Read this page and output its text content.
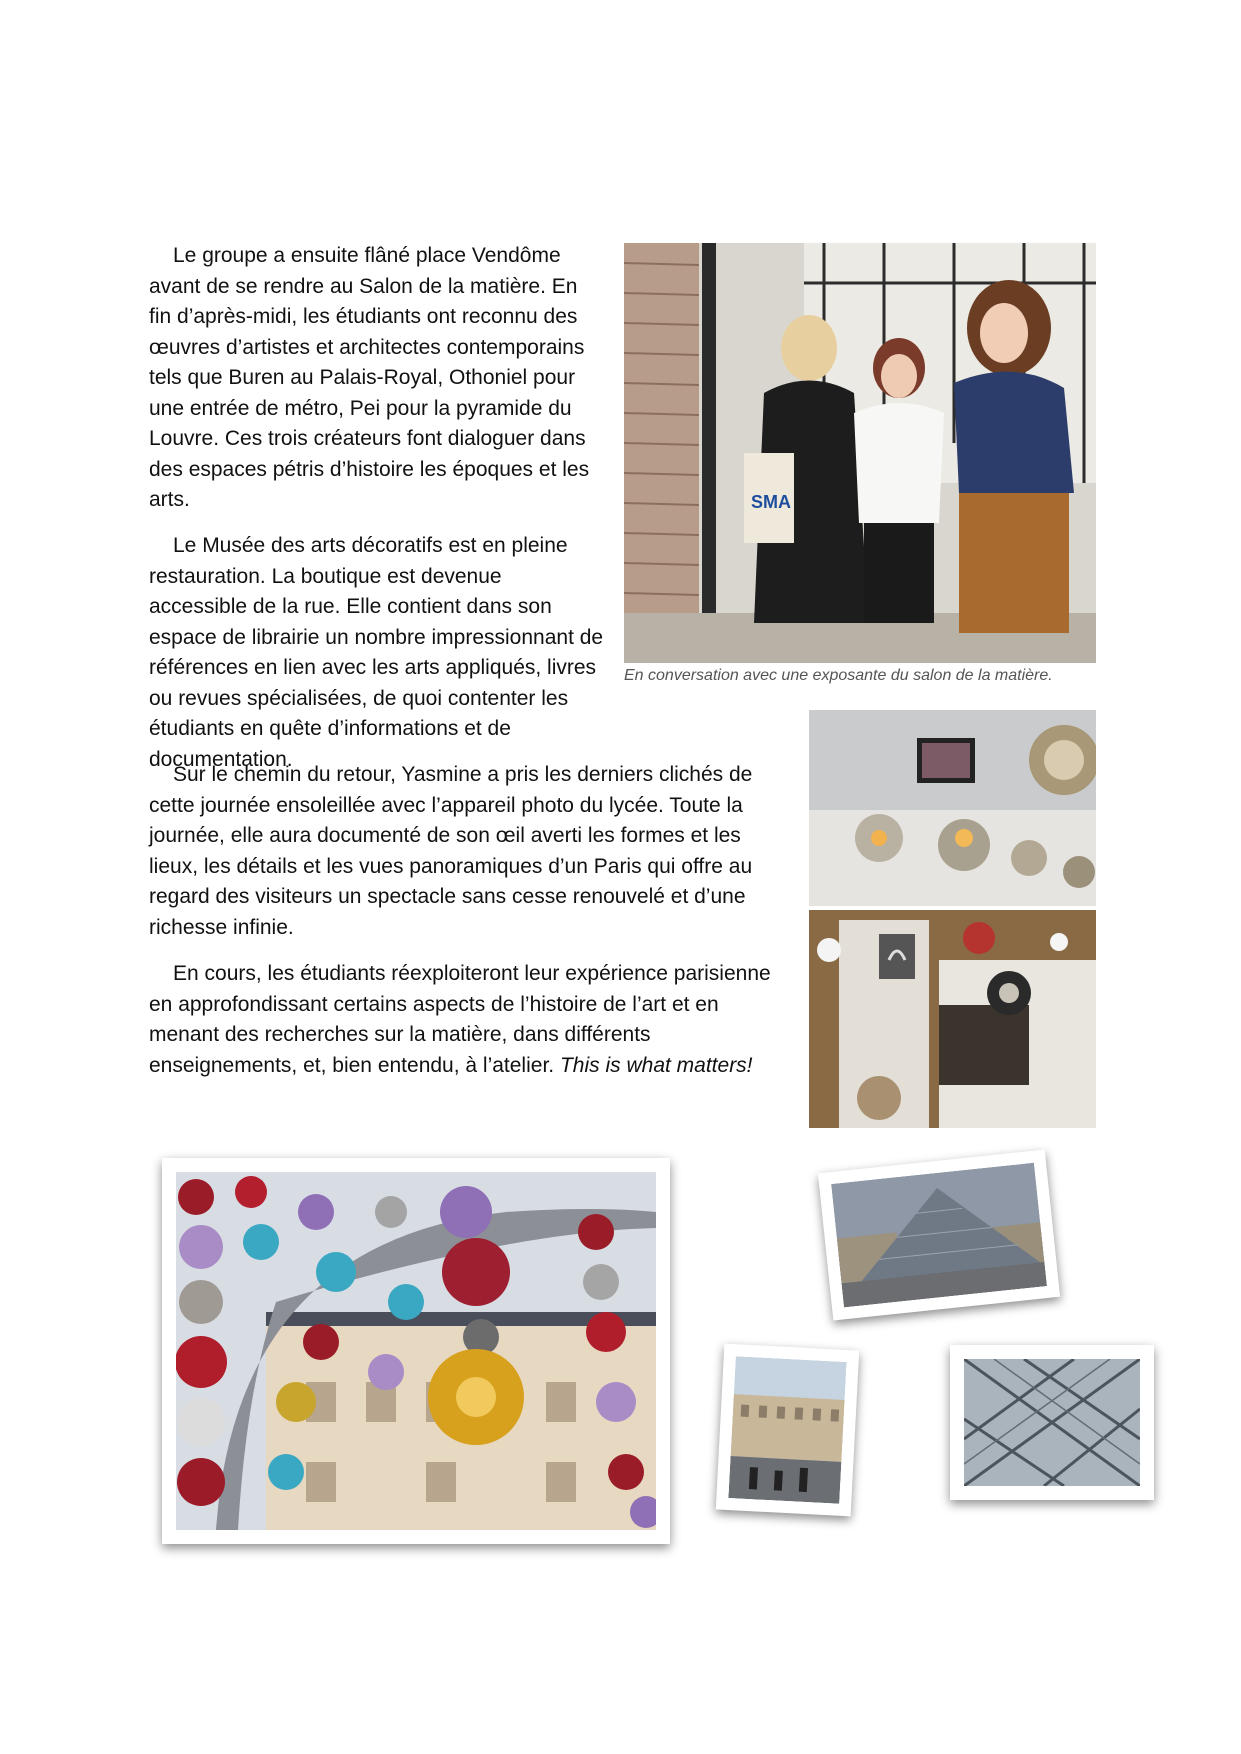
Le groupe a ensuite flâné place Vendôme avant de se rendre au Salon de la matière. En fin d’après-midi, les étudiants ont reconnu des œuvres d’artistes et architectes contemporains tels que Buren au Palais-Royal, Othoniel pour une entrée de métro, Pei pour la pyramide du Louvre. Ces trois créateurs font dialoguer dans des espaces pétris d’histoire les époques et les arts.

Le Musée des arts décoratifs est en pleine restauration. La boutique est devenue accessible de la rue. Elle contient dans son espace de librairie un nombre impressionnant de références en lien avec les arts appliqués, livres ou revues spécialisées, de quoi contenter les étudiants en quête d’informations et de documentation.

Sur le chemin du retour, Yasmine a pris les derniers clichés de cette journée ensoleillée avec l’appareil photo du lycée. Toute la journée, elle aura documenté de son œil averti les formes et les lieux, les détails et les vues panoramiques d’un Paris qui offre au regard des visiteurs un spectacle sans cesse renouvelé et d’une richesse infinie.

En cours, les étudiants réexploiteront leur expérience parisienne en approfondissant certains aspects de l’histoire de l’art et en menant des recherches sur la matière, dans différents enseignements, et, bien entendu, à l’atelier. This is what matters!

SMA

En conversation avec une exposante du salon de la matière.
